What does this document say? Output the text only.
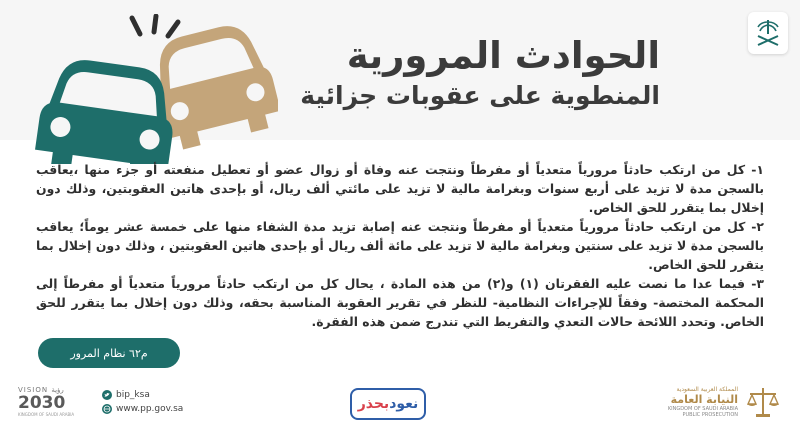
الحوادث المرورية
المنطوية على عقوبات جزائية

١- كل من ارتكب حادثاً مرورياً متعدياً أو مفرطاً ونتجت عنه وفاة أو زوال عضو أو تعطيل منفعته أو جزء منها ،يعاقب بالسجن مدة لا تزيد على أربع سنوات وبغرامة مالية لا تزيد على مائتي ألف ريال، أو بإحدى هاتين العقوبتين، وذلك دون إخلال بما يتقرر للحق الخاص.

٢- كل من ارتكب حادثاً مرورياً متعدياً أو مفرطاً ونتجت عنه إصابة تزيد مدة الشفاء منها على خمسة عشر يوماً؛ يعاقب بالسجن مدة لا تزيد على سنتين وبغرامة مالية لا تزيد على مائة ألف ريال أو بإحدى هاتين العقوبتين ، وذلك دون إخلال بما يتقرر للحق الخاص.

٣- فيما عدا ما نصت عليه الفقرتان (١) و(٢) من هذه المادة ، يحال كل من ارتكب حادثاً مرورياً متعدياً أو مفرطاً إلى المحكمة المختصة- وفقاً للإجراءات النظامية- للنظر في تقرير العقوبة المناسبة بحقه، وذلك دون إخلال بما يتقرر للحق الخاص. وتحدد اللائحة حالات التعدي والتفريط التي تندرج ضمن هذه الفقرة.

م٦٢ نظام المرور
VISION رؤية
2030
KINGDOM OF SAUDI ARABIA
bip_ksa
www.pp.gov.sa	نعود
بحذر
المملكة العربية السعودية
النيابة العامة
KINGDOM OF SAUDI ARABIA
PUBLIC PROSECUTION
